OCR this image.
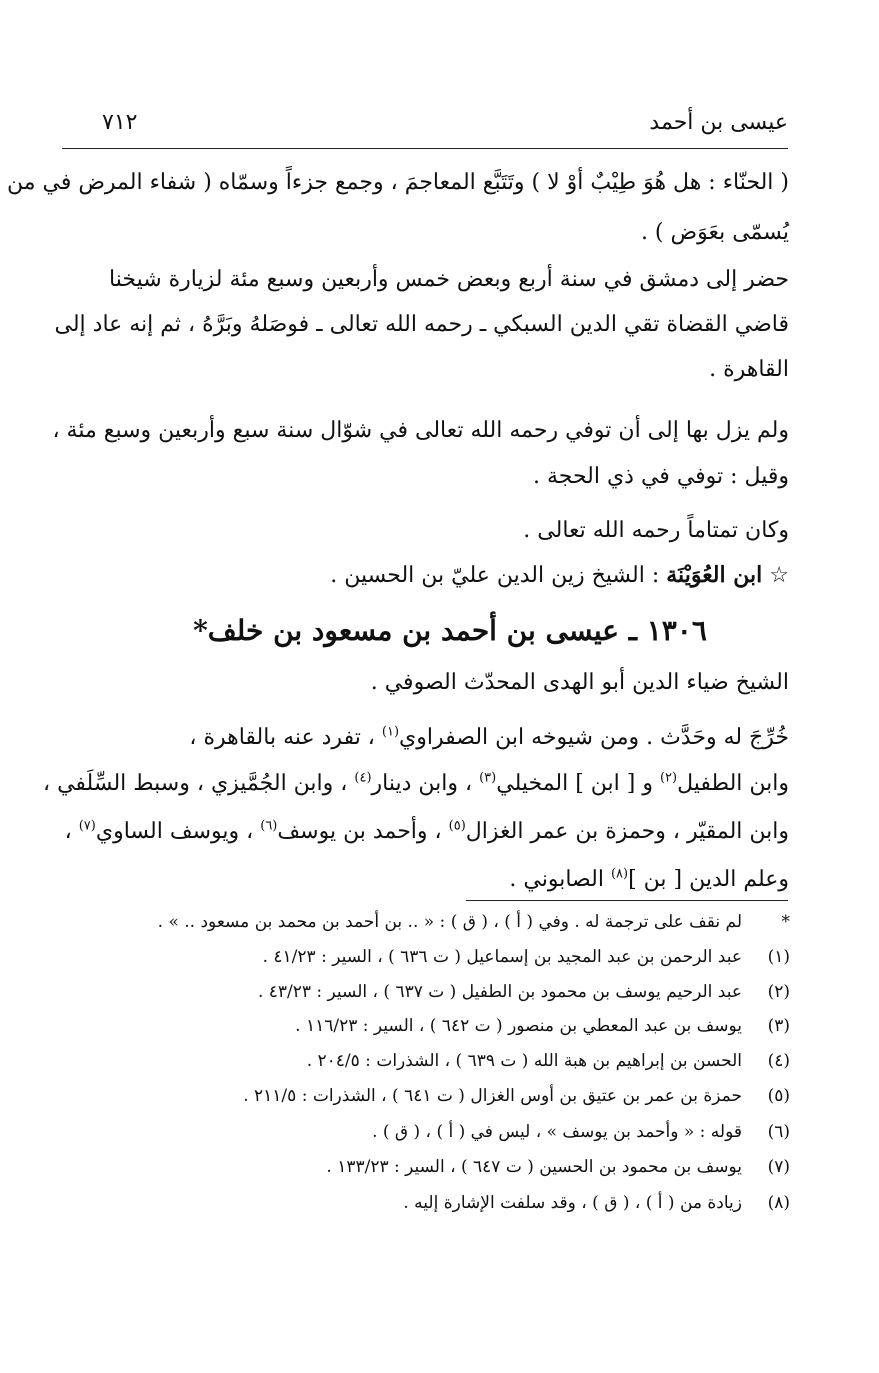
٧١٢	عيسى بن أحمد
( الحنّاء : هل هُوَ طِيْبٌ أوْ لا ) وتَتَبَّع المعاجمَ ، وجمع جزءاً وسمّاه ( شفاء المرض في من
يُسمّى بعَوَض ) .
حضر إلى دمشق في سنة أربع وبعض خمس وأربعين وسبع مئة لزيارة شيخنا
قاضي القضاة تقي الدين السبكي ـ رحمه الله تعالى ـ فوصَلهُ وبَرَّهُ ، ثم إنه عاد إلى
القاهرة .
ولم يزل بها إلى أن توفي رحمه الله تعالى في شوّال سنة سبع وأربعين وسبع مئة ،
وقيل : توفي في ذي الحجة .
وكان تمتاماً رحمه الله تعالى .
☆ ابن العُوَيْنَة : الشيخ زين الدين عليّ بن الحسين .
١٣٠٦ ـ عيسى بن أحمد بن مسعود بن خلف*
الشيخ ضياء الدين أبو الهدى المحدّث الصوفي .
خُرِّجَ له وحَدَّث . ومن شيوخه ابن الصفراوي$^{(١)}$ ، تفرد عنه بالقاهرة ،
وابن الطفيل$^{(٢)}$ و [ ابن ] المخيلي$^{(٣)}$ ، وابن دينار$^{(٤)}$ ، وابن الجُمَّيزي ، وسبط السِّلَفي ،
وابن المقيّر ، وحمزة بن عمر الغزال$^{(٥)}$ ، وأحمد بن يوسف$^{(٦)}$ ، ويوسف الساوي$^{(٧)}$ ،
وعلم الدين [ بن ]$^{(٨)}$ الصابوني .
*لم نقف على ترجمة له . وفي ( أ ) ، ( ق ) : « .. بن أحمد بن محمد بن مسعود .. » .
(١)عبد الرحمن بن عبد المجيد بن إسماعيل ( ت ٦٣٦ ) ، السير : ٤١/٢٣ .
(٢)عبد الرحيم يوسف بن محمود بن الطفيل ( ت ٦٣٧ ) ، السير : ٤٣/٢٣ .
(٣)يوسف بن عبد المعطي بن منصور ( ت ٦٤٢ ) ، السير : ١١٦/٢٣ .
(٤)الحسن بن إبراهيم بن هبة الله ( ت ٦٣٩ ) ، الشذرات : ٢٠٤/٥ .
(٥)حمزة بن عمر بن عتيق بن أوس الغزال ( ت ٦٤١ ) ، الشذرات : ٢١١/٥ .
(٦)قوله : « وأحمد بن يوسف » ، ليس في ( أ ) ، ( ق ) .
(٧)يوسف بن محمود بن الحسين ( ت ٦٤٧ ) ، السير : ١٣٣/٢٣ .
(٨)زيادة من ( أ ) ، ( ق ) ، وقد سلفت الإشارة إليه .
